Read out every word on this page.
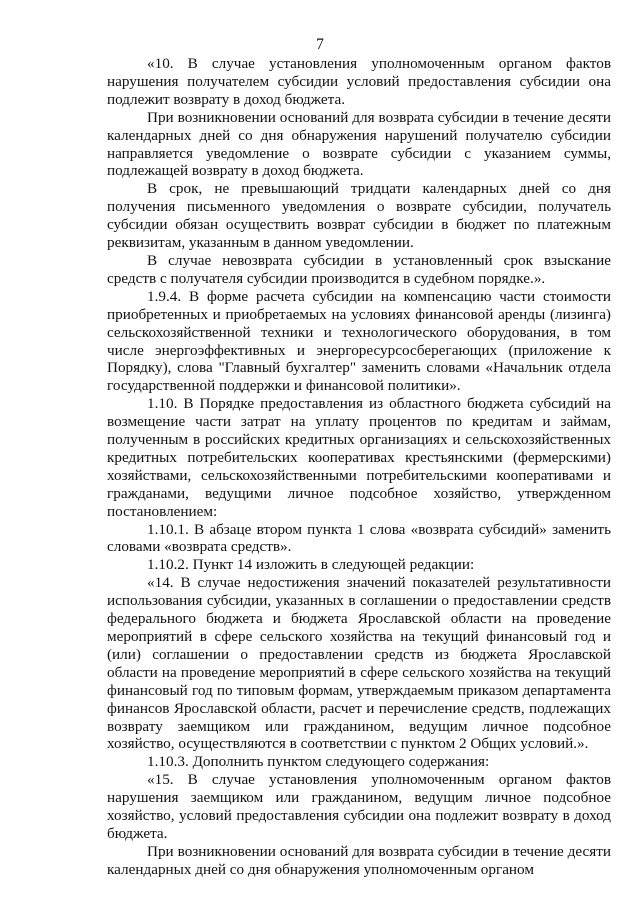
7

«10. В случае установления уполномоченным органом фактов нарушения получателем субсидии условий предоставления субсидии она подлежит возврату в доход бюджета.

При возникновении оснований для возврата субсидии в течение десяти календарных дней со дня обнаружения нарушений получателю субсидии направляется уведомление о возврате субсидии с указанием суммы, подлежащей возврату в доход бюджета.

В срок, не превышающий тридцати календарных дней со дня получения письменного уведомления о возврате субсидии, получатель субсидии обязан осуществить возврат субсидии в бюджет по платежным реквизитам, указанным в данном уведомлении.

В случае невозврата субсидии в установленный срок взыскание средств с получателя субсидии производится в судебном порядке.».

1.9.4. В форме расчета субсидии на компенсацию части стоимости приобретенных и приобретаемых на условиях финансовой аренды (лизинга) сельскохозяйственной техники и технологического оборудования, в том числе энергоэффективных и энергоресурсосберегающих (приложение к Порядку), слова "Главный бухгалтер" заменить словами «Начальник отдела государственной поддержки и финансовой политики».

1.10. В Порядке предоставления из областного бюджета субсидий на возмещение части затрат на уплату процентов по кредитам и займам, полученным в российских кредитных организациях и сельскохозяйственных кредитных потребительских кооперативах крестьянскими (фермерскими) хозяйствами, сельскохозяйственными потребительскими кооперативами и гражданами, ведущими личное подсобное хозяйство, утвержденном постановлением:

1.10.1. В абзаце втором пункта 1 слова «возврата субсидий» заменить словами «возврата средств».

1.10.2. Пункт 14 изложить в следующей редакции:

«14. В случае недостижения значений показателей результативности использования субсидии, указанных в соглашении о предоставлении средств федерального бюджета и бюджета Ярославской области на проведение мероприятий в сфере сельского хозяйства на текущий финансовый год и (или) соглашении о предоставлении средств из бюджета Ярославской области на проведение мероприятий в сфере сельского хозяйства на текущий финансовый год по типовым формам, утверждаемым приказом департамента финансов Ярославской области, расчет и перечисление средств, подлежащих возврату заемщиком или гражданином, ведущим личное подсобное хозяйство, осуществляются в соответствии с пунктом 2 Общих условий.».

1.10.3. Дополнить пунктом следующего содержания:

«15. В случае установления уполномоченным органом фактов нарушения заемщиком или гражданином, ведущим личное подсобное хозяйство, условий предоставления субсидии она подлежит возврату в доход бюджета.

При возникновении оснований для возврата субсидии в течение десяти календарных дней со дня обнаружения уполномоченным органом
